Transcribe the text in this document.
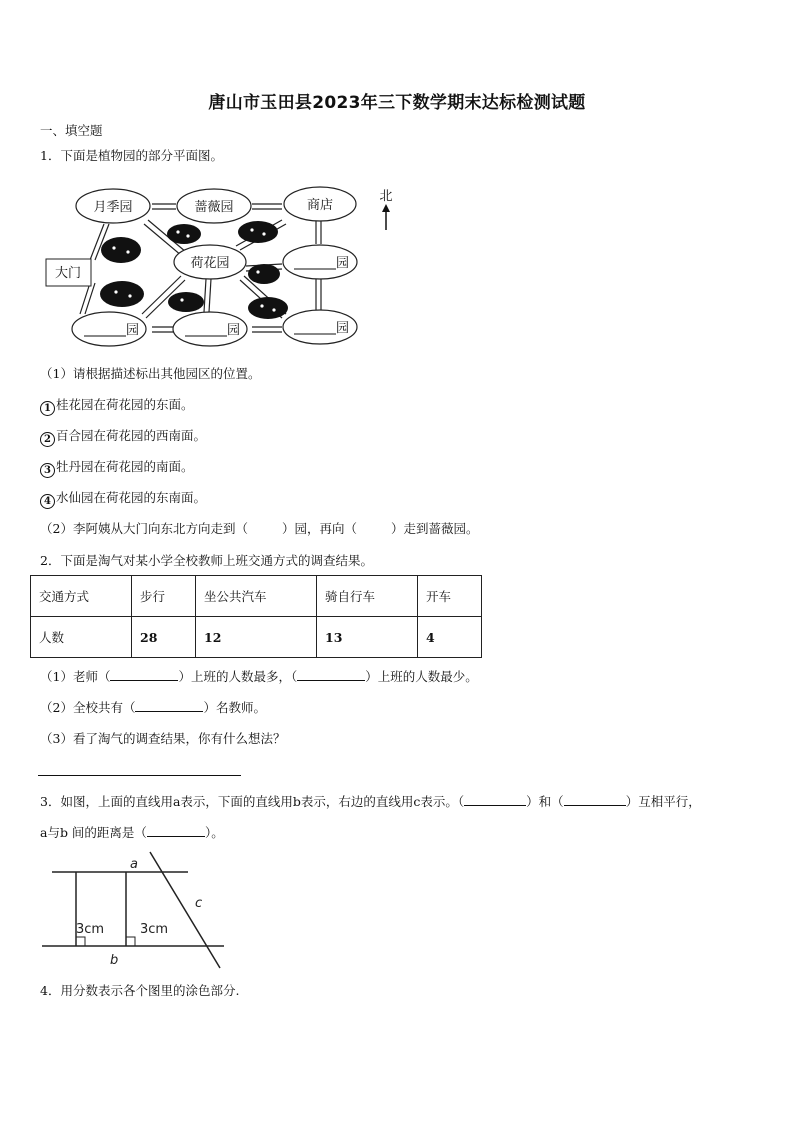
唐山市玉田县2023年三下数学期末达标检测试题
一、填空题
1．下面是植物园的部分平面图。
月季园	蔷薇园	商店
荷花园
大门
园
园	园	园
北
（1）请根据描述标出其他园区的位置。
1 桂花园在荷花园的东面。
2 百合园在荷花园的西南面。
3 牡丹园在荷花园的南面。
4 水仙园在荷花园的东南面。
（2）李阿姨从大门向东北方向走到（	）园，再向（	）走到蔷薇园。
2．下面是淘气对某小学全校教师上班交通方式的调查结果。
交通方式	步行	坐公共汽车	骑自行车	开车
人数	28	12	13	4
（1）老师（	）上班的人数最多，（	）上班的人数最少。
（2）全校共有（	）名教师。
（3）看了淘气的调查结果，你有什么想法？
3．如图，上面的直线用a表示，下面的直线用b表示，右边的直线用c表示。（	）和（	）互相平行，
a与b 间的距离是（	）。
a
b
c
3cm	3cm
4．用分数表示各个图里的涂色部分.
